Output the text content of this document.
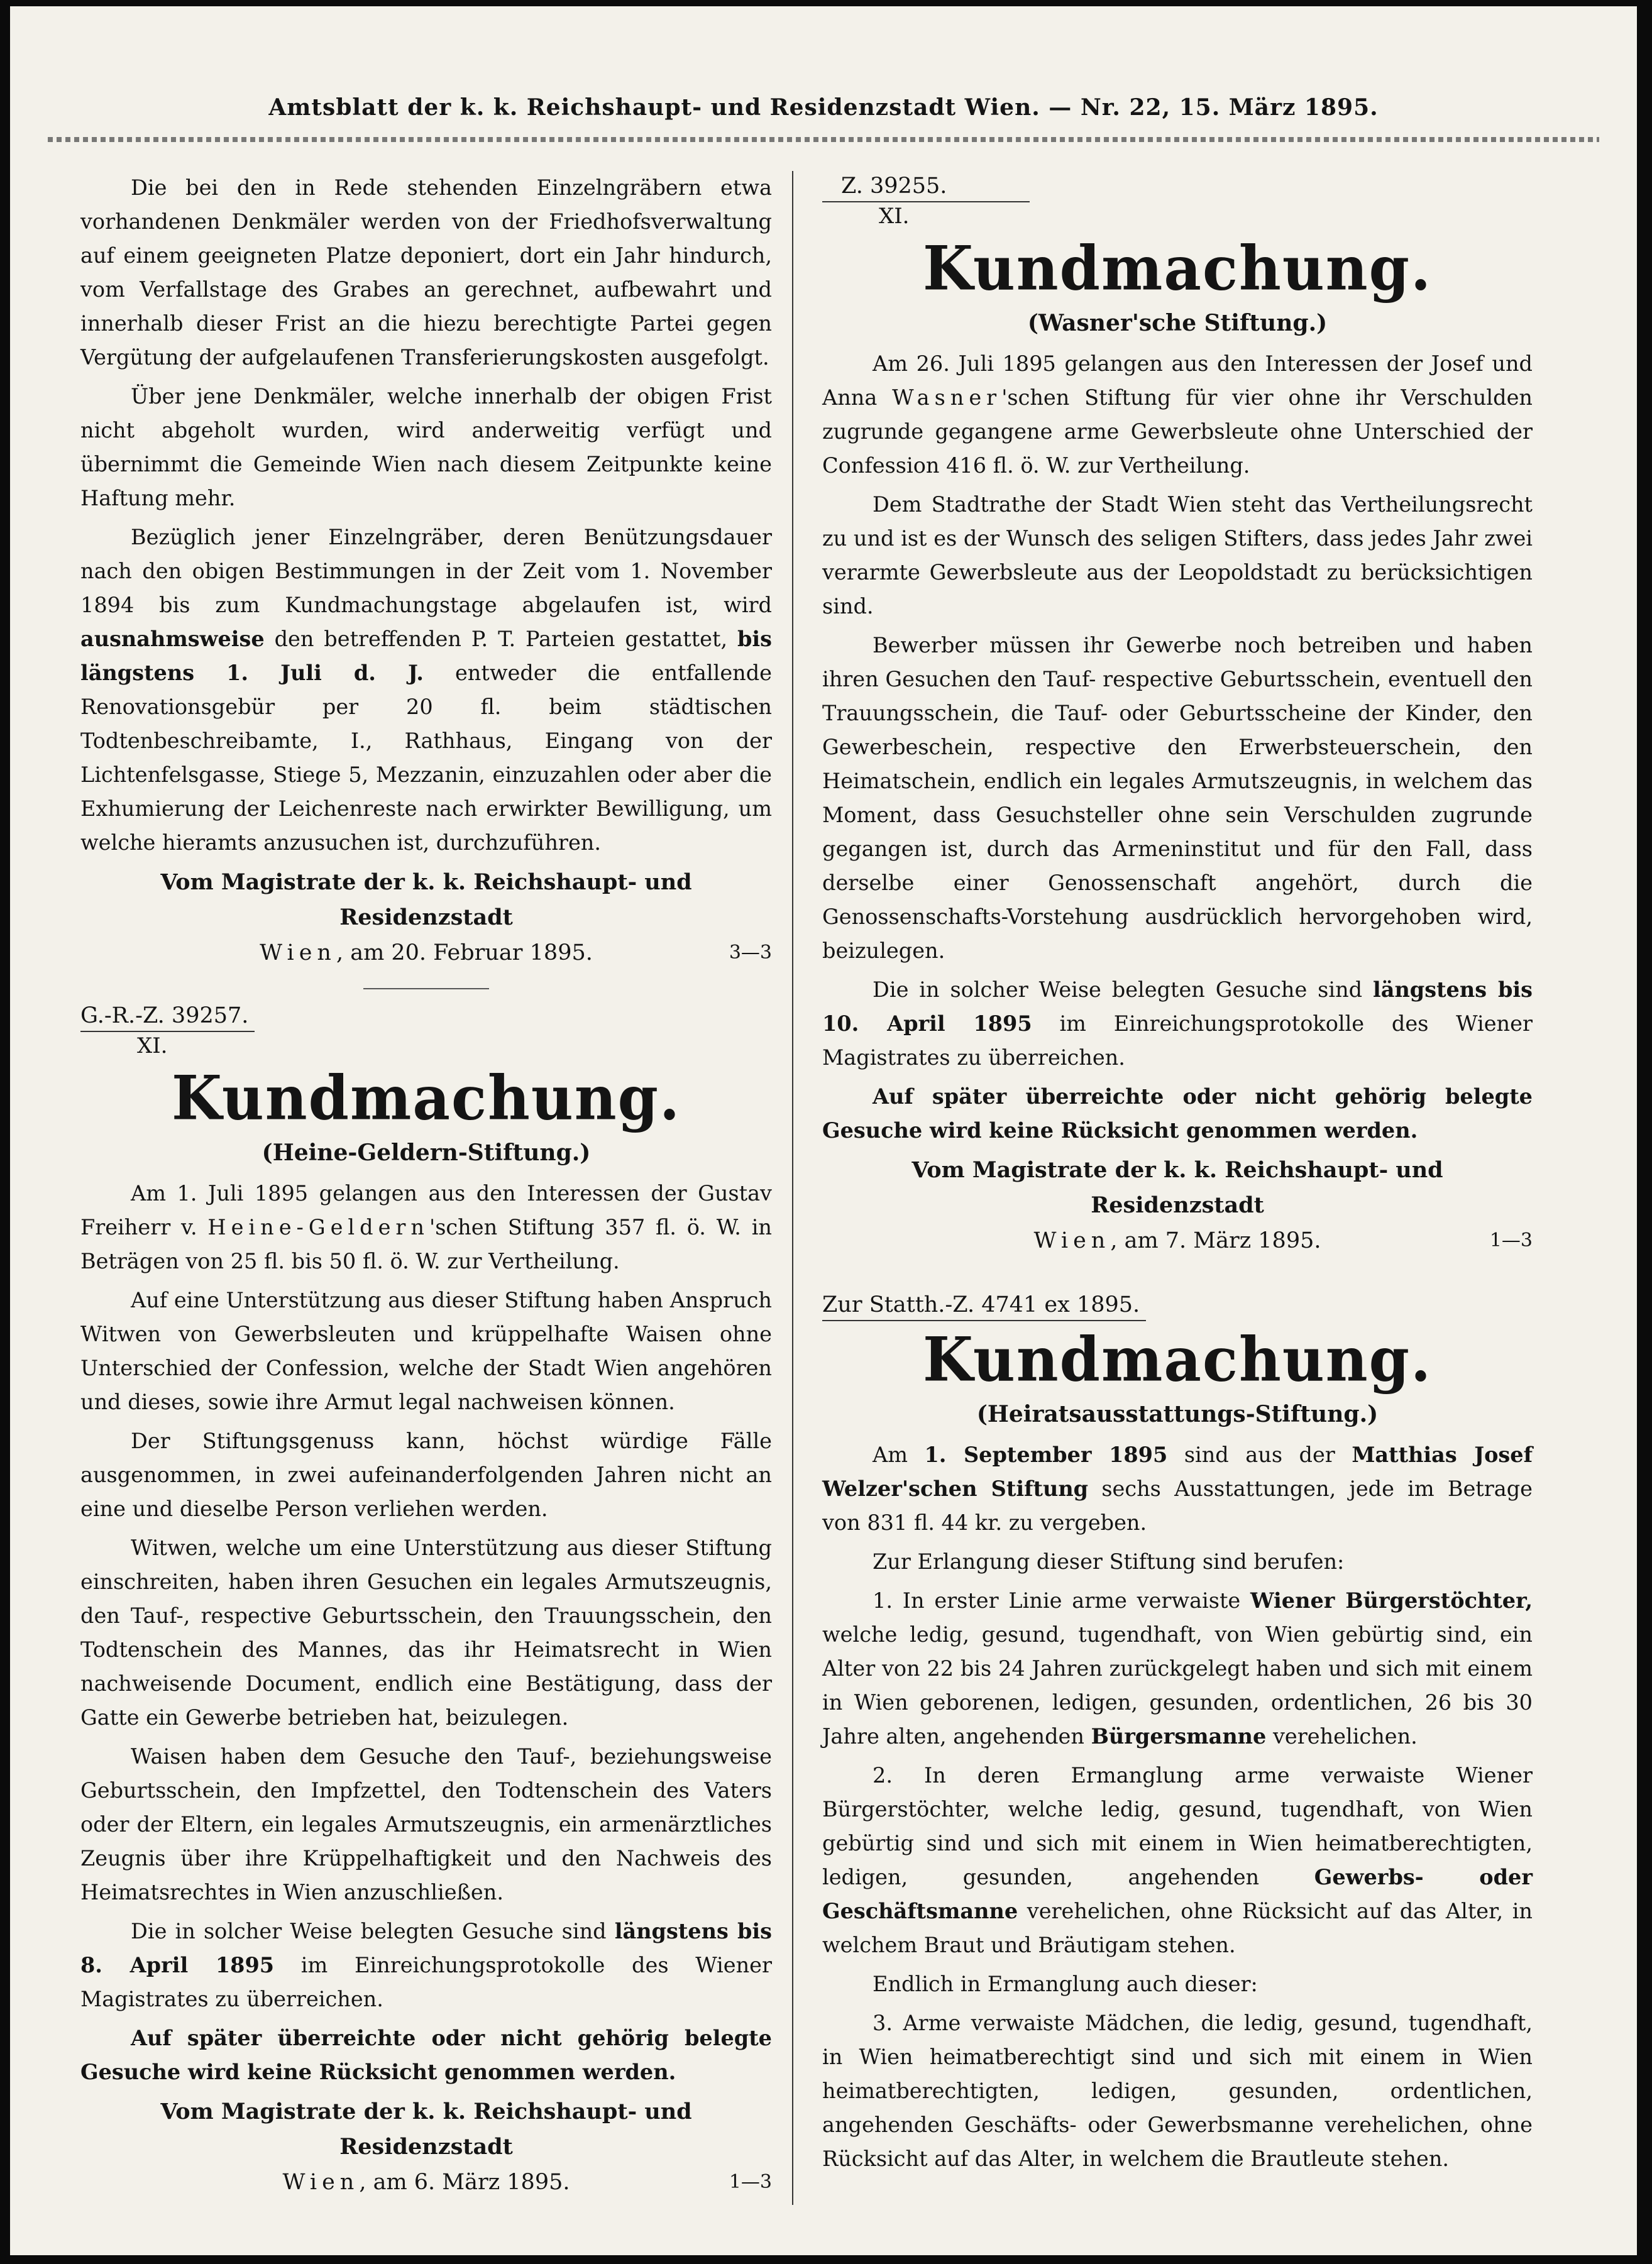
Amtsblatt der k. k. Reichshaupt- und Residenzstadt Wien. — Nr. 22, 15. März 1895.

Die bei den in Rede stehenden Einzelngräbern etwa vorhandenen Denkmäler werden von der Friedhofsverwaltung auf einem geeigneten Platze deponiert, dort ein Jahr hindurch, vom Verfallstage des Grabes an gerechnet, aufbewahrt und innerhalb dieser Frist an die hiezu berechtigte Partei gegen Vergütung der aufgelaufenen Transferierungskosten ausgefolgt.

Über jene Denkmäler, welche innerhalb der obigen Frist nicht abgeholt wurden, wird anderweitig verfügt und übernimmt die Gemeinde Wien nach diesem Zeitpunkte keine Haftung mehr.

Bezüglich jener Einzelngräber, deren Benützungsdauer nach den obigen Bestimmungen in der Zeit vom 1. November 1894 bis zum Kundmachungstage abgelaufen ist, wird ausnahmsweise den betreffenden P. T. Parteien gestattet, bis längstens 1. Juli d. J. entweder die entfallende Renovationsgebür per 20 fl. beim städtischen Todtenbeschreibamte, I., Rathhaus, Eingang von der Lichtenfelsgasse, Stiege 5, Mezzanin, einzuzahlen oder aber die Exhumierung der Leichenreste nach erwirkter Bewilligung, um welche hieramts anzusuchen ist, durchzuführen.

Vom Magistrate der k. k. Reichshaupt- und Residenzstadt
Wien, am 20. Februar 1895.	3—3
G.-R.-Z. 39257.
XI.
Kundmachung.
(Heine-Geldern-Stiftung.)

Am 1. Juli 1895 gelangen aus den Interessen der Gustav Freiherr v. Heine-Geldern'schen Stiftung 357 fl. ö. W. in Beträgen von 25 fl. bis 50 fl. ö. W. zur Vertheilung.

Auf eine Unterstützung aus dieser Stiftung haben Anspruch Witwen von Gewerbsleuten und krüppelhafte Waisen ohne Unterschied der Confession, welche der Stadt Wien angehören und dieses, sowie ihre Armut legal nachweisen können.

Der Stiftungsgenuss kann, höchst würdige Fälle ausgenommen, in zwei aufeinanderfolgenden Jahren nicht an eine und dieselbe Person verliehen werden.

Witwen, welche um eine Unterstützung aus dieser Stiftung einschreiten, haben ihren Gesuchen ein legales Armutszeugnis, den Tauf-, respective Geburtsschein, den Trauungsschein, den Todtenschein des Mannes, das ihr Heimatsrecht in Wien nachweisende Document, endlich eine Bestätigung, dass der Gatte ein Gewerbe betrieben hat, beizulegen.

Waisen haben dem Gesuche den Tauf-, beziehungsweise Geburtsschein, den Impfzettel, den Todtenschein des Vaters oder der Eltern, ein legales Armutszeugnis, ein armenärztliches Zeugnis über ihre Krüppelhaftigkeit und den Nachweis des Heimatsrechtes in Wien anzuschließen.

Die in solcher Weise belegten Gesuche sind längstens bis 8. April 1895 im Einreichungsprotokolle des Wiener Magistrates zu überreichen.

Auf später überreichte oder nicht gehörig belegte Gesuche wird keine Rücksicht genommen werden.

Vom Magistrate der k. k. Reichshaupt- und Residenzstadt
Wien, am 6. März 1895.	1—3
Z. 39255.
XI.
Kundmachung.
(Wasner'sche Stiftung.)

Am 26. Juli 1895 gelangen aus den Interessen der Josef und Anna Wasner'schen Stiftung für vier ohne ihr Verschulden zugrunde gegangene arme Gewerbsleute ohne Unterschied der Confession 416 fl. ö. W. zur Vertheilung.

Dem Stadtrathe der Stadt Wien steht das Vertheilungsrecht zu und ist es der Wunsch des seligen Stifters, dass jedes Jahr zwei verarmte Gewerbsleute aus der Leopoldstadt zu berücksichtigen sind.

Bewerber müssen ihr Gewerbe noch betreiben und haben ihren Gesuchen den Tauf- respective Geburtsschein, eventuell den Trauungsschein, die Tauf- oder Geburtsscheine der Kinder, den Gewerbeschein, respective den Erwerbsteuerschein, den Heimatschein, endlich ein legales Armutszeugnis, in welchem das Moment, dass Gesuchsteller ohne sein Verschulden zugrunde gegangen ist, durch das Armeninstitut und für den Fall, dass derselbe einer Genossenschaft angehört, durch die Genossenschafts-Vorstehung ausdrücklich hervorgehoben wird, beizulegen.

Die in solcher Weise belegten Gesuche sind längstens bis 10. April 1895 im Einreichungsprotokolle des Wiener Magistrates zu überreichen.

Auf später überreichte oder nicht gehörig belegte Gesuche wird keine Rücksicht genommen werden.

Vom Magistrate der k. k. Reichshaupt- und Residenzstadt
Wien, am 7. März 1895.	1—3
Zur Statth.-Z. 4741 ex 1895.
Kundmachung.
(Heiratsausstattungs-Stiftung.)

Am 1. September 1895 sind aus der Matthias Josef Welzer'schen Stiftung sechs Ausstattungen, jede im Betrage von 831 fl. 44 kr. zu vergeben.

Zur Erlangung dieser Stiftung sind berufen:

1. In erster Linie arme verwaiste Wiener Bürgerstöchter, welche ledig, gesund, tugendhaft, von Wien gebürtig sind, ein Alter von 22 bis 24 Jahren zurückgelegt haben und sich mit einem in Wien geborenen, ledigen, gesunden, ordentlichen, 26 bis 30 Jahre alten, angehenden Bürgersmanne verehelichen.

2. In deren Ermanglung arme verwaiste Wiener Bürgerstöchter, welche ledig, gesund, tugendhaft, von Wien gebürtig sind und sich mit einem in Wien heimatberechtigten, ledigen, gesunden, angehenden Gewerbs- oder Geschäftsmanne verehelichen, ohne Rücksicht auf das Alter, in welchem Braut und Bräutigam stehen.

Endlich in Ermanglung auch dieser:

3. Arme verwaiste Mädchen, die ledig, gesund, tugendhaft, in Wien heimatberechtigt sind und sich mit einem in Wien heimatberechtigten, ledigen, gesunden, ordentlichen, angehenden Geschäfts- oder Gewerbsmanne verehelichen, ohne Rücksicht auf das Alter, in welchem die Brautleute stehen.
